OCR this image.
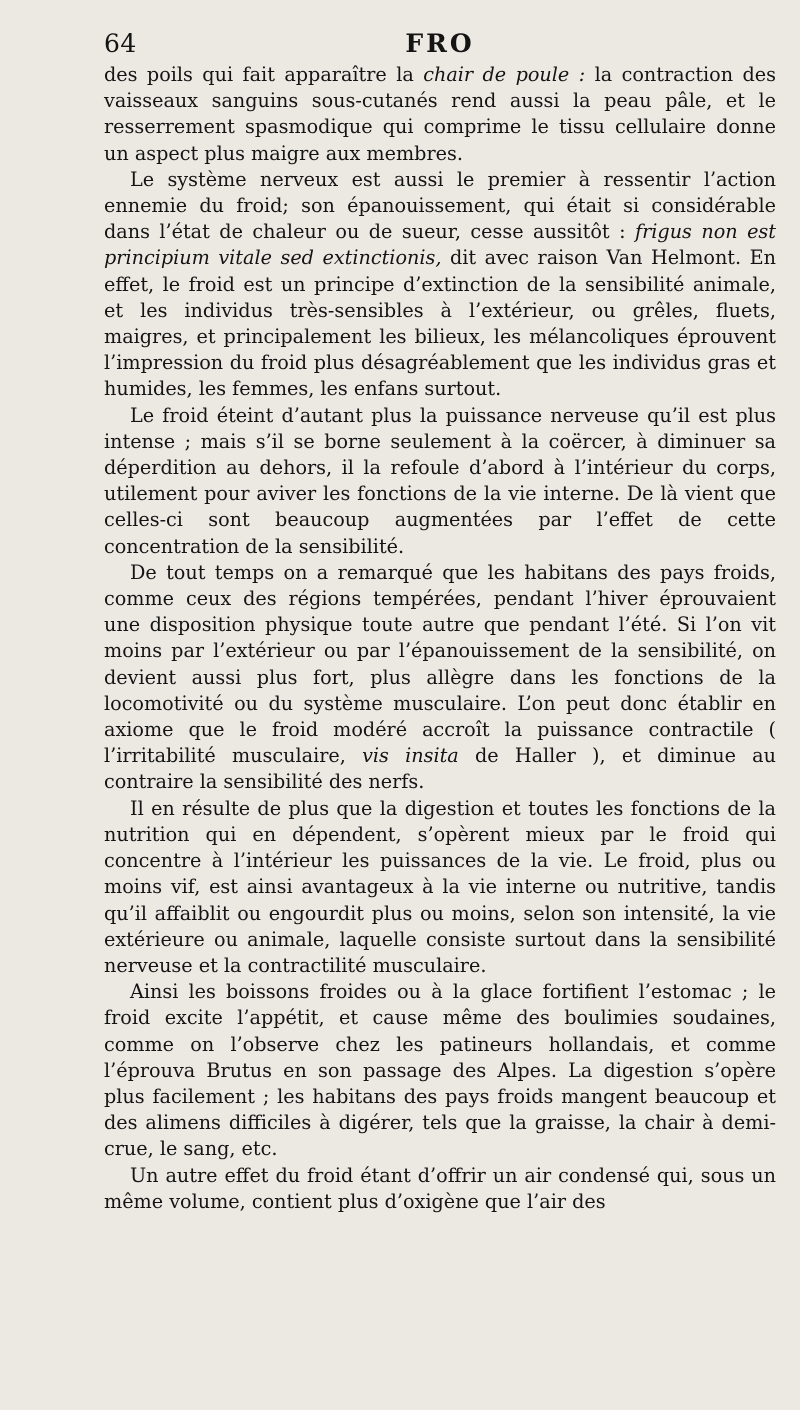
64	FRO

des poils qui fait apparaître la chair de poule : la contraction des vaisseaux sanguins sous-cutanés rend aussi la peau pâle, et le resserrement spasmodique qui comprime le tissu cellulaire donne un aspect plus maigre aux membres.

Le système nerveux est aussi le premier à ressentir l’action ennemie du froid; son épanouissement, qui était si considérable dans l’état de chaleur ou de sueur, cesse aussitôt : frigus non est principium vitale sed extinctionis, dit avec raison Van Helmont. En effet, le froid est un principe d’extinction de la sensibilité animale, et les individus très-sensibles à l’extérieur, ou grêles, fluets, maigres, et principalement les bilieux, les mélancoliques éprouvent l’impression du froid plus désagréablement que les individus gras et humides, les femmes, les enfans surtout.

Le froid éteint d’autant plus la puissance nerveuse qu’il est plus intense ; mais s’il se borne seulement à la coërcer, à diminuer sa déperdition au dehors, il la refoule d’abord à l’intérieur du corps, utilement pour aviver les fonctions de la vie interne. De là vient que celles-ci sont beaucoup augmentées par l’effet de cette concentration de la sensibilité.

De tout temps on a remarqué que les habitans des pays froids, comme ceux des régions tempérées, pendant l’hiver éprouvaient une disposition physique toute autre que pendant l’été. Si l’on vit moins par l’extérieur ou par l’épanouissement de la sensibilité, on devient aussi plus fort, plus allègre dans les fonctions de la locomotivité ou du système musculaire. L’on peut donc établir en axiome que le froid modéré accroît la puissance contractile ( l’irritabilité musculaire, vis insita de Haller ), et diminue au contraire la sensibilité des nerfs.

Il en résulte de plus que la digestion et toutes les fonctions de la nutrition qui en dépendent, s’opèrent mieux par le froid qui concentre à l’intérieur les puissances de la vie. Le froid, plus ou moins vif, est ainsi avantageux à la vie interne ou nutritive, tandis qu’il affaiblit ou engourdit plus ou moins, selon son intensité, la vie extérieure ou animale, laquelle consiste surtout dans la sensibilité nerveuse et la contractilité musculaire.

Ainsi les boissons froides ou à la glace fortifient l’estomac ; le froid excite l’appétit, et cause même des boulimies soudaines, comme on l’observe chez les patineurs hollandais, et comme l’éprouva Brutus en son passage des Alpes. La digestion s’opère plus facilement ; les habitans des pays froids mangent beaucoup et des alimens difficiles à digérer, tels que la graisse, la chair à demi-crue, le sang, etc.

Un autre effet du froid étant d’offrir un air condensé qui, sous un même volume, contient plus d’oxigène que l’air des
